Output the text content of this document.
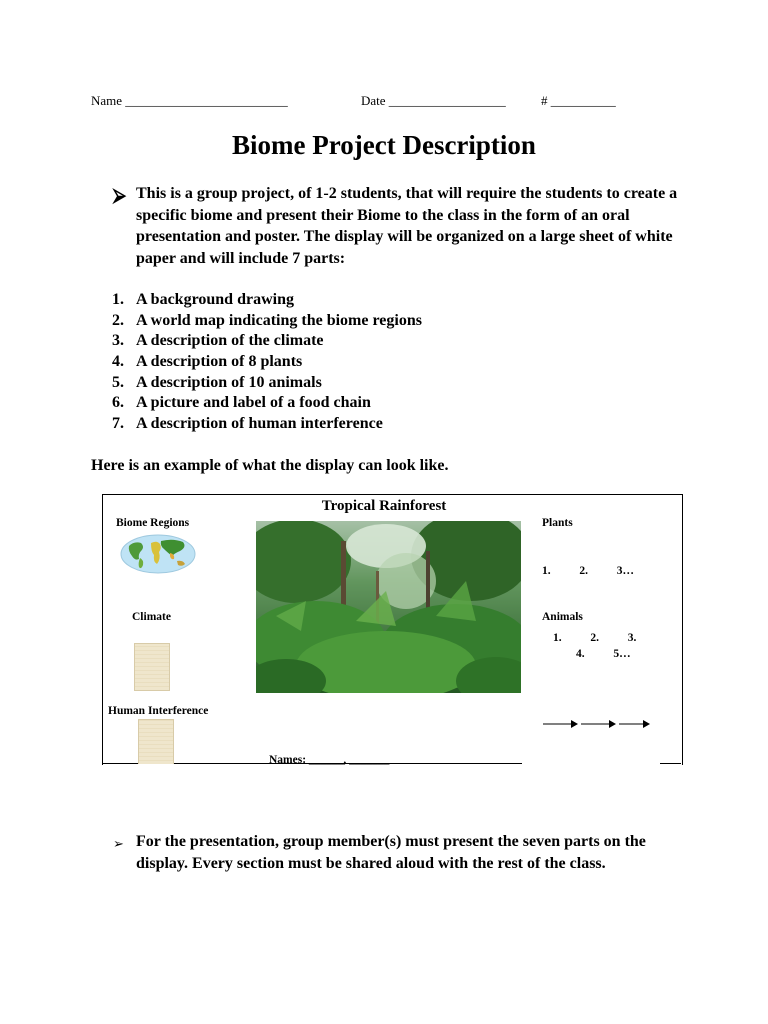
Name _________________________	Date __________________	# __________
Biome Project Description
⮚ This is a group project, of 1-2 students, that will require the students to create a specific biome and present their Biome to the class in the form of an oral presentation and poster. The display will be organized on a large sheet of white paper and will include 7 parts:

1. A background drawing
2. A world map indicating the biome regions
3. A description of the climate
4. A description of 8 plants
5. A description of 10 animals
6. A picture and label of a food chain
7. A description of human interference

Here is an example of what the display can look like.

Tropical Rainforest
Biome Regions
Climate
Human Interference
Plants
1.          2.          3…
Animals
1.          2.          3.
4.          5…
Names: ______, _______
➢ For the presentation, group member(s) must present the seven parts on the display. Every section must be shared aloud with the rest of the class.
